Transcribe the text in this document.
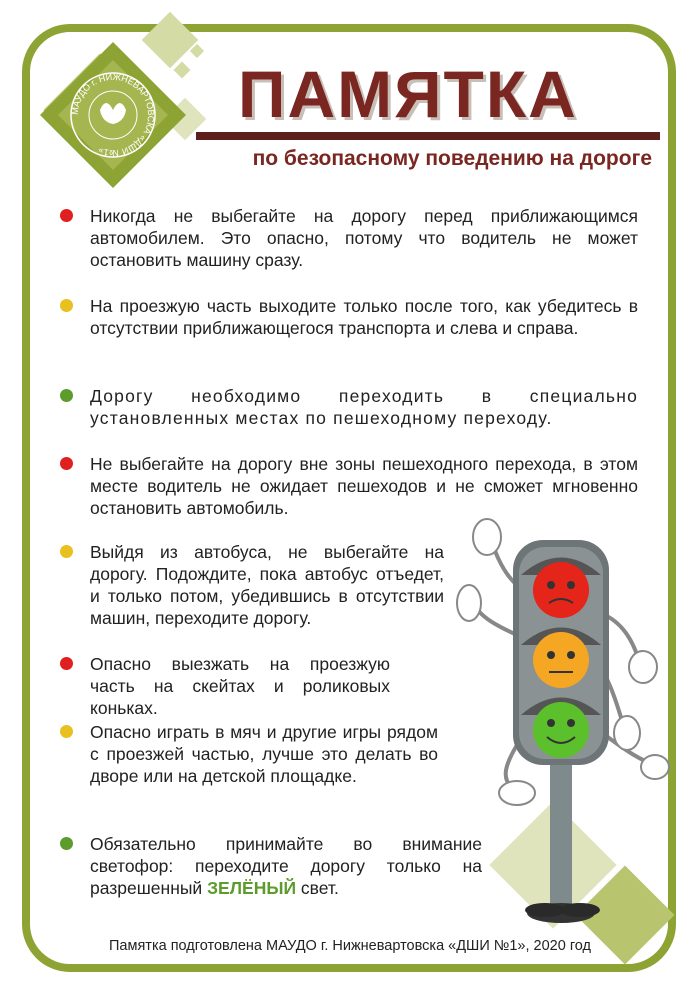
МАУДО г. НИЖНЕВАРТОВСКА «ДШИ №1»
ПАМЯТКА
по безопасному поведению на дороге
Никогда не выбегайте на дорогу перед приближающимся автомобилем. Это опасно, потому что водитель не может остановить машину сразу.
На проезжую часть выходите только после того, как убедитесь в отсутствии приближающегося транспорта и слева и справа.
Дорогу необходимо переходить в специально установленных местах по пешеходному переходу.
Не выбегайте на дорогу вне зоны пешеходного перехода, в этом месте водитель не ожидает пешеходов и не сможет мгновенно остановить автомобиль.
Выйдя из автобуса, не выбегайте на дорогу. Подождите, пока автобус отъедет, и только потом, убедившись в отсутствии машин, переходите дорогу.
Опасно выезжать на проезжую часть на скейтах и роликовых коньках.
Опасно играть в мяч и другие игры рядом с проезжей частью, лучше это делать во дворе или на детской площадке.
Обязательно принимайте во внимание светофор: переходите дорогу только на разрешенный ЗЕЛЁНЫЙ свет.
Памятка подготовлена МАУДО г. Нижневартовска «ДШИ №1», 2020 год
